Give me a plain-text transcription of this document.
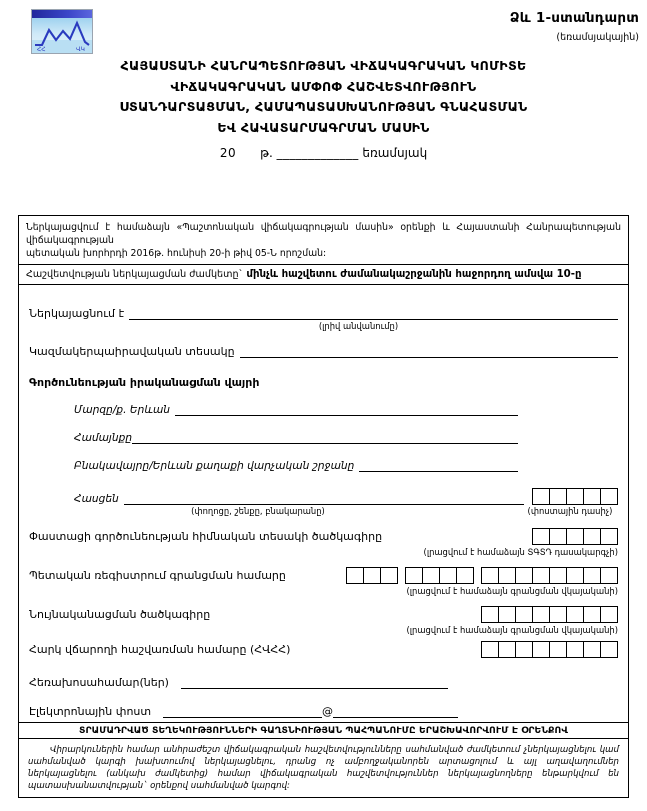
ՀՀ	ՎԿ
Ձև 1-ստանդարտ
(եռամսյակային)
ՀԱՅԱՍՏԱՆԻ ՀԱՆՐԱՊԵՏՈՒԹՅԱՆ ՎԻՃԱԿԱԳՐԱԿԱՆ ԿՈՄԻՏԵ
ՎԻՃԱԿԱԳՐԱԿԱՆ ԱՄՓՈՓ ՀԱՇՎԵՏՎՈՒԹՅՈՒՆ
ՍՏԱՆԴԱՐՏԱՑՄԱՆ, ՀԱՄԱՊԱՏԱՍԽԱՆՈՒԹՅԱՆ ԳՆԱՀԱՏՄԱՆ
ԵՎ ՀԱՎԱՏԱՐՄԱԳՐՄԱՆ ՄԱՍԻՆ
20 թ. _____________ եռամսյակ
Ներկայացվում է համաձայն «Պաշտոնական վիճակագրության մասին» օրենքի և Հայաստանի Հանրապետության վիճակագրության
պետական խորհրդի 2016թ. հունիսի 20-ի թիվ 05-Ն որոշման:
Հաշվետվության ներկայացման ժամկետը` մինչև հաշվետու ժամանակաշրջանին հաջորդող ամսվա 10-ը
Ներկայացնում է
(լրիվ անվանումը)
Կազմակերպաիրավական տեսակը
Գործունեության իրականացման վայրի
Մարզը/ք. Երևան
Համայնքը
Բնակավայրը/Երևան քաղաքի վարչական շրջանը
Հասցեն
(փողոցը, շենքը, բնակարանը)	(փոստային դասիչ)
Փաստացի գործունեության հիմնական տեսակի ծածկագիրը
(լրացվում է համաձայն ՏԳՏԴ դասակարգչի)
Պետական ռեգիստրում գրանցման համարը
(լրացվում է համաձայն գրանցման վկայականի)
Նույնականացման ծածկագիրը
(լրացվում է համաձայն գրանցման վկայականի)
Հարկ վճարողի հաշվառման համարը (ՀՎՀՀ)
Հեռախոսահամար(ներ)
Էլեկտրոնային փոստ	@
ՏՐԱՄԱԴՐՎԱԾ ՏԵՂԵԿՈՒԹՅՈՒՆՆԵՐԻ ԳԱՂՏՆԻՈՒԹՅԱՆ ՊԱՀՊԱՆՈՒՄԸ ԵՐԱՇԽԱՎՈՐՎՈՒՄ Է ՕՐԵՆՔՈՎ
Վիրարկուներին համար անհրաժեշտ վիճակագրական հաշվետվությունները սահմանված ժամկետում չներկայացնելու կամ սահմանված կարգի խախտումով ներկայացնելու, դրանց ոչ ամբողջականորեն արտացոլում և այլ աղավաղումներ ներկայացնելու (անկախ ժամկետից) համար վիճակագրական հաշվետվություններ ներկայացնողները ենթարկվում են պատասխանատվության` օրենքով սահմանված կարգով:
